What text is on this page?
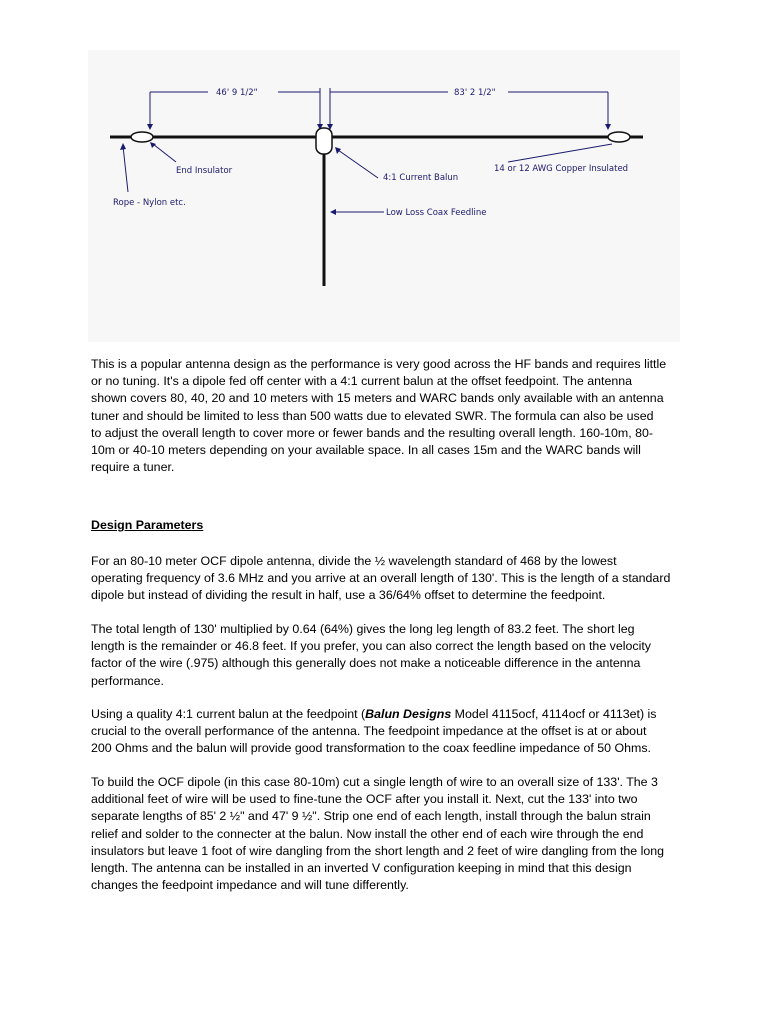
46' 9 1/2"	83' 2 1/2"
End Insulator
4:1 Current Balun
14 or 12 AWG Copper Insulated
Rope - Nylon etc.
Low Loss Coax Feedline

This is a popular antenna design as the performance is very good across the HF bands and requires little

or no tuning. It's a dipole fed off center with a 4:1 current balun at the offset feedpoint. The antenna

shown covers 80, 40, 20 and 10 meters with 15 meters and WARC bands only available with an antenna

tuner and should be limited to less than 500 watts due to elevated SWR. The formula can also be used

to adjust the overall length to cover more or fewer bands and the resulting overall length. 160-10m, 80-

10m or 40-10 meters depending on your available space. In all cases 15m and the WARC bands will

require a tuner.

Design Parameters

For an 80-10 meter OCF dipole antenna, divide the ½ wavelength standard of 468 by the lowest

operating frequency of 3.6 MHz and you arrive at an overall length of 130'. This is the length of a standard

dipole but instead of dividing the result in half, use a 36/64% offset to determine the feedpoint.

The total length of 130' multiplied by 0.64 (64%) gives the long leg length of 83.2 feet. The short leg

length is the remainder or 46.8 feet. If you prefer, you can also correct the length based on the velocity

factor of the wire (.975) although this generally does not make a noticeable difference in the antenna

performance.

Using a quality 4:1 current balun at the feedpoint (Balun Designs Model 4115ocf, 4114ocf or 4113et) is

crucial to the overall performance of the antenna. The feedpoint impedance at the offset is at or about

200 Ohms and the balun will provide good transformation to the coax feedline impedance of 50 Ohms.

To build the OCF dipole (in this case 80-10m) cut a single length of wire to an overall size of 133'. The 3

additional feet of wire will be used to fine-tune the OCF after you install it. Next, cut the 133' into two

separate lengths of 85' 2 ½" and 47' 9 ½". Strip one end of each length, install through the balun strain

relief and solder to the connecter at the balun. Now install the other end of each wire through the end

insulators but leave 1 foot of wire dangling from the short length and 2 feet of wire dangling from the long

length. The antenna can be installed in an inverted V configuration keeping in mind that this design

changes the feedpoint impedance and will tune differently.
